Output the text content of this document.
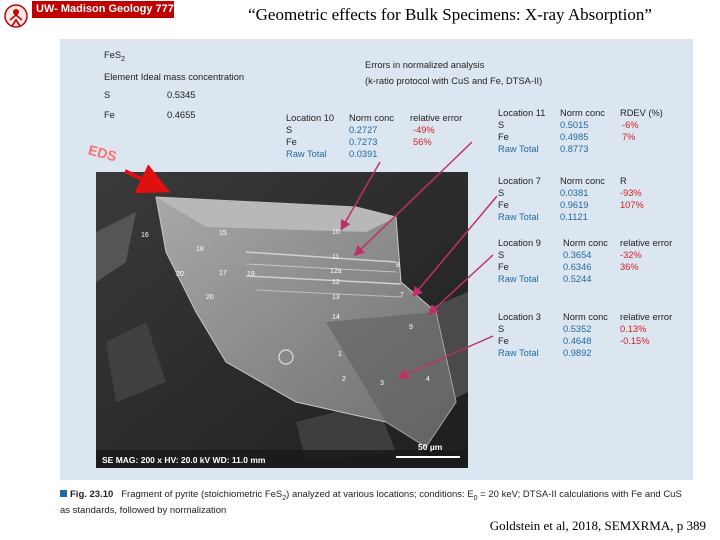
UW- Madison Geology 777	“Geometric effects for Bulk Specimens: X-ray Absorption”
FeS$_2$
Element Ideal mass concentration
S	0.5345
Fe	0.4655
Errors in normalized analysis
(k-ratio protocol with CuS and Fe, DTSA-II)
Location 10 Norm conc relative error
S	0.2727	-49%
Fe	0.7273	56%
Raw Total 0.0391
Location 11 Norm conc RDEV (%)
S	0.5015	-6%
Fe	0.4985	7%
Raw Total 0.8773
Location 7 Norm conc R
S	0.0381	-93%
Fe	0.9619	107%
Raw Total 0.1121
Location 9 Norm conc relative error
S	0.3654	-32%
Fe	0.6346	36%
Raw Total	0.5244
Location 3 Norm conc relative error
S	0.5352	0.13%
Fe	0.4648	-0.15%
Raw Total	0.9892
16	15
18
17
20	19
20
10
11
12a
12
13
14
8
7
9
1
2
3
4
SE MAG: 200 x HV: 20.0 kV WD: 11.0 mm
50 µm
EDS
Fig. 23.10 Fragment of pyrite (stoichiometric FeS$_2$) analyzed at various locations; conditions: $E_0 = 20$ keV; DTSA-II calculations with Fe and CuS
as standards, followed by normalization
Goldstein et al, 2018, SEMXRMA, p 389
